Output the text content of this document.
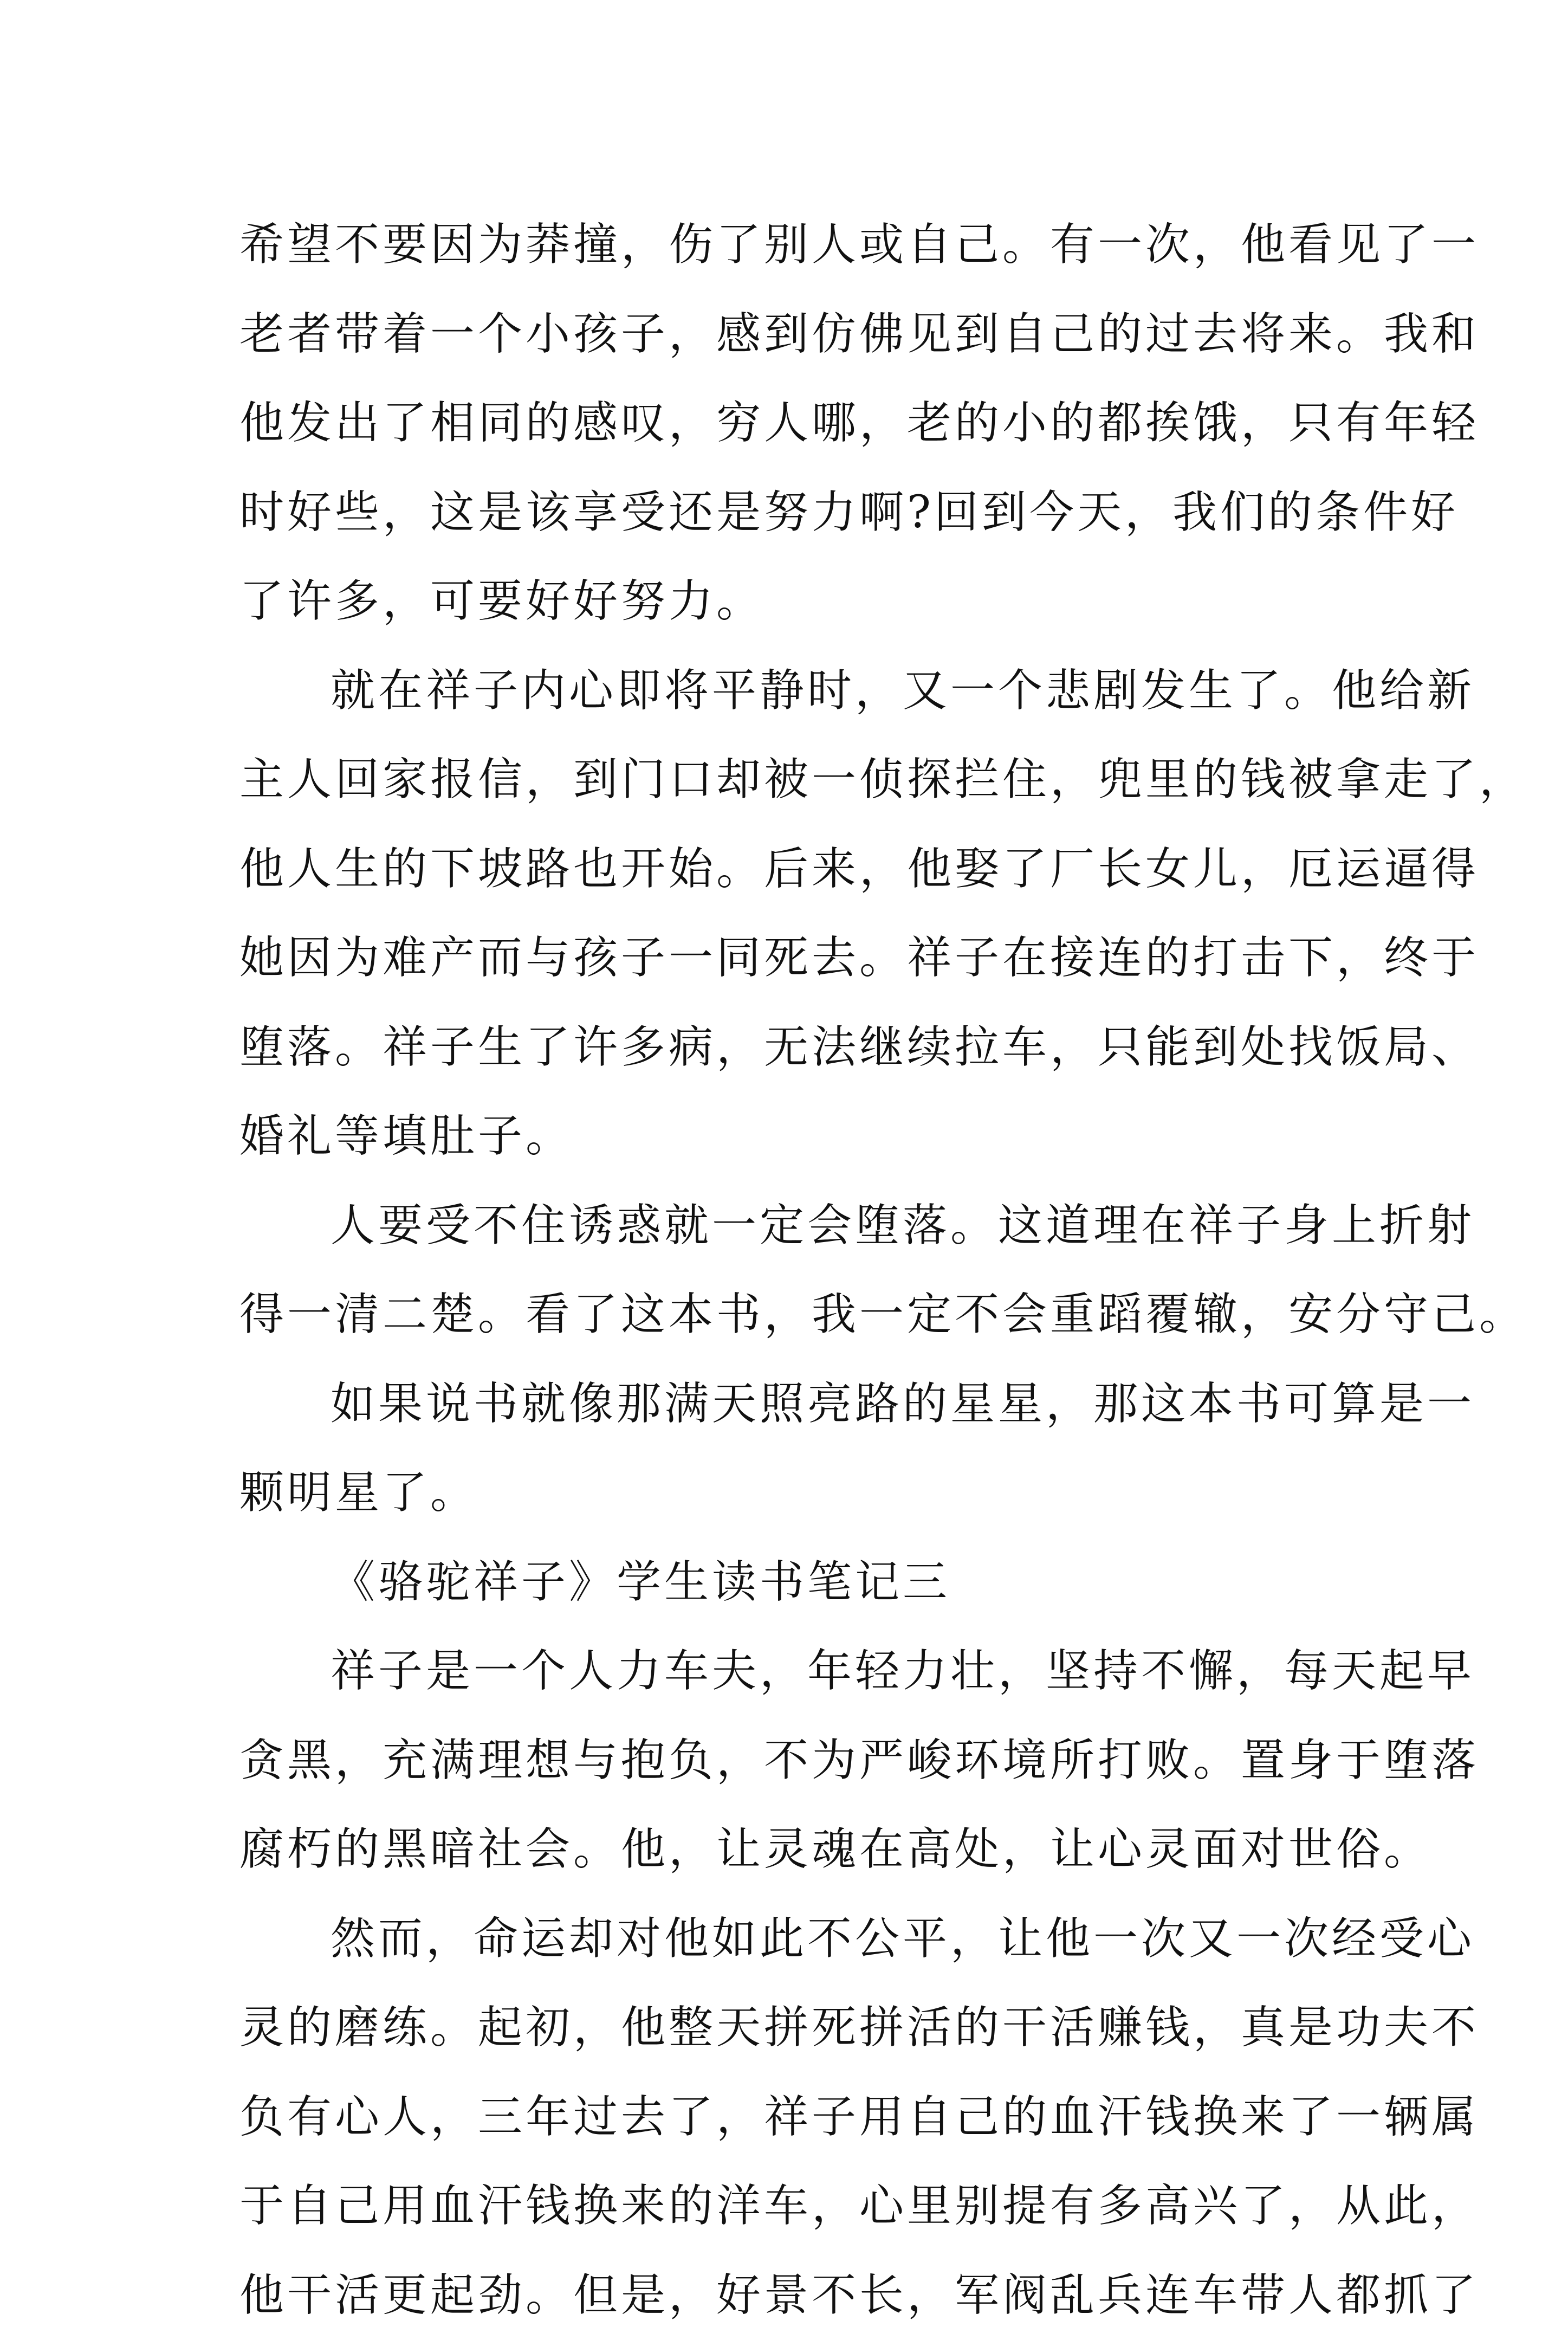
希望不要因为莽撞，伤了别人或自己。有一次，他看见了一
老者带着一个小孩子，感到仿佛见到自己的过去将来。我和
他发出了相同的感叹，穷人哪，老的小的都挨饿，只有年轻
时好些，这是该享受还是努力啊?回到今天，我们的条件好
了许多，可要好好努力。
就在祥子内心即将平静时，又一个悲剧发生了。他给新
主人回家报信，到门口却被一侦探拦住，兜里的钱被拿走了，
他人生的下坡路也开始。后来，他娶了厂长女儿，厄运逼得
她因为难产而与孩子一同死去。祥子在接连的打击下，终于
堕落。祥子生了许多病，无法继续拉车，只能到处找饭局、
婚礼等填肚子。
人要受不住诱惑就一定会堕落。这道理在祥子身上折射
得一清二楚。看了这本书，我一定不会重蹈覆辙，安分守己。
如果说书就像那满天照亮路的星星，那这本书可算是一
颗明星了。
《骆驼祥子》学生读书笔记三
祥子是一个人力车夫，年轻力壮，坚持不懈，每天起早
贪黑，充满理想与抱负，不为严峻环境所打败。置身于堕落
腐朽的黑暗社会。他，让灵魂在高处，让心灵面对世俗。
然而，命运却对他如此不公平，让他一次又一次经受心
灵的磨练。起初，他整天拼死拼活的干活赚钱，真是功夫不
负有心人，三年过去了，祥子用自己的血汗钱换来了一辆属
于自己用血汗钱换来的洋车，心里别提有多高兴了，从此，
他干活更起劲。但是，好景不长，军阀乱兵连车带人都抓了
